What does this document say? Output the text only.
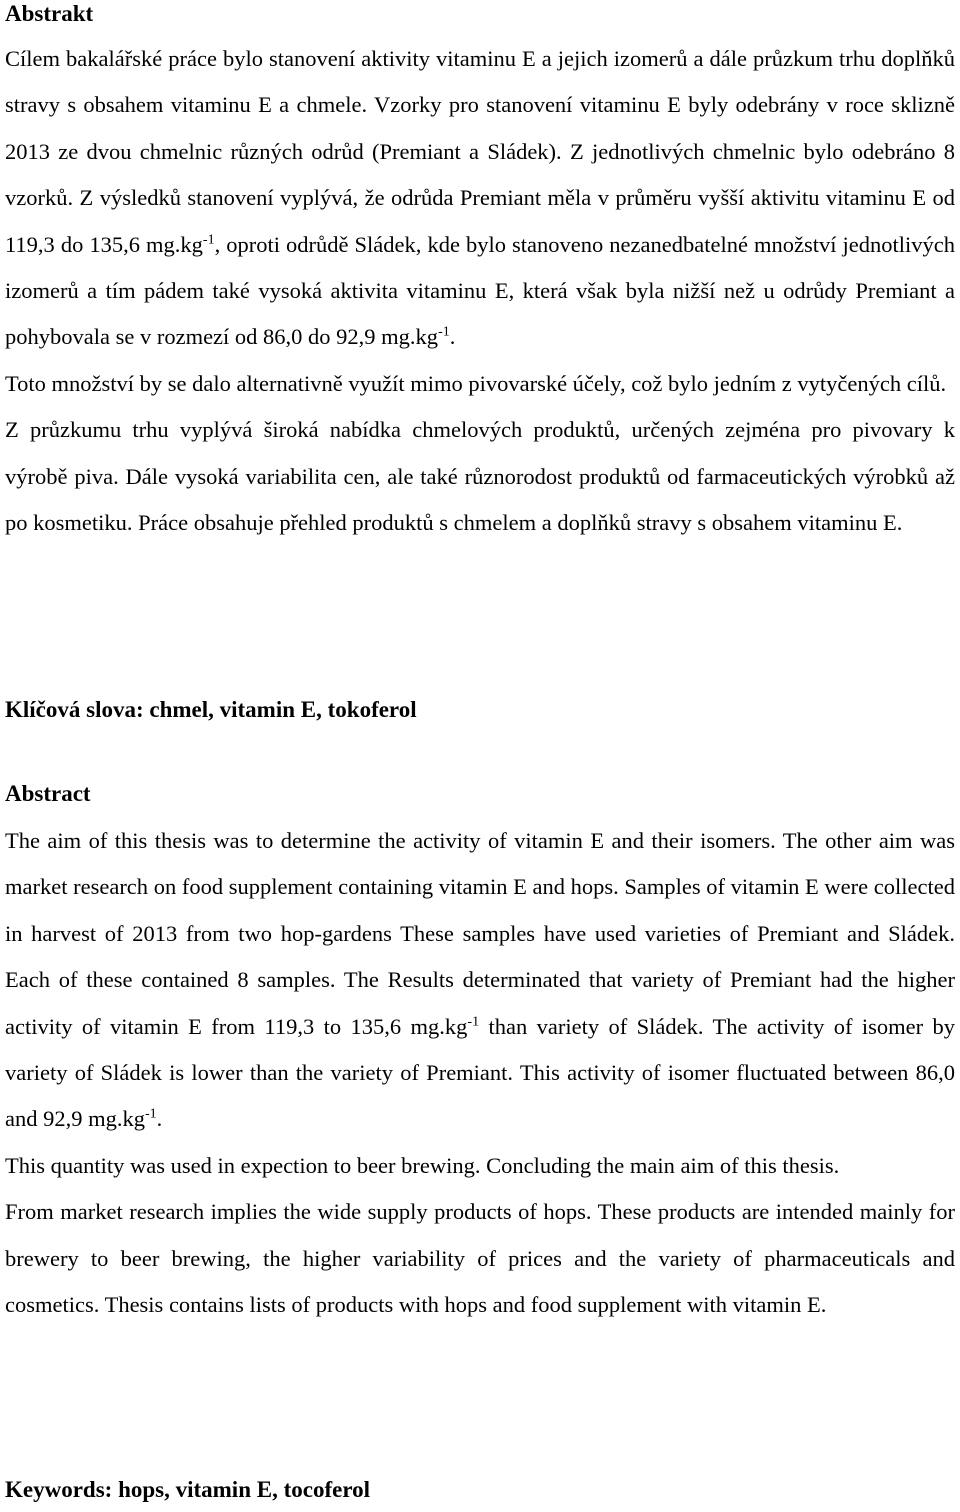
Abstrakt

Cílem bakalářské práce bylo stanovení aktivity vitaminu E a jejich izomerů a dále průzkum trhu doplňků stravy s obsahem vitaminu E a chmele. Vzorky pro stanovení vitaminu E byly odebrány v roce sklizně 2013 ze dvou chmelnic různých odrůd (Premiant a Sládek). Z jednotlivých chmelnic bylo odebráno 8 vzorků. Z výsledků stanovení vyplývá, že odrůda Premiant měla v průměru vyšší aktivitu vitaminu E od 119,3 do 135,6 $mg.kg^{-1}$, oproti odrůdě Sládek, kde bylo stanoveno nezanedbatelné množství jednotlivých izomerů a tím pádem také vysoká aktivita vitaminu E, která však byla nižší než u odrůdy Premiant a pohybovala se v rozmezí od 86,0 do 92,9 $mg.kg^{-1}$.

Toto množství by se dalo alternativně využít mimo pivovarské účely, což bylo jedním z vytyčených cílů.

Z průzkumu trhu vyplývá široká nabídka chmelových produktů, určených zejména pro pivovary k výrobě piva. Dále vysoká variabilita cen, ale také různorodost produktů od farmaceutických výrobků až po kosmetiku. Práce obsahuje přehled produktů s chmelem a doplňků stravy s obsahem vitaminu E.

Klíčová slova: chmel, vitamin E, tokoferol

Abstract

The aim of this thesis was to determine the activity of vitamin E and their isomers. The other aim was market research on food supplement containing vitamin E and hops. Samples of vitamin E were collected in harvest of 2013 from two hop-gardens These samples have used varieties of Premiant and Sládek. Each of these contained 8 samples. The Results determinated that variety of Premiant had the higher activity of vitamin E from 119,3 to 135,6 $mg.kg^{-1}$ than variety of Sládek. The activity of isomer by variety of Sládek is lower than the variety of Premiant. This activity of isomer fluctuated between 86,0 and 92,9 $mg.kg^{-1}$.

This quantity was used in expection to beer brewing. Concluding the main aim of this thesis.

From market research implies the wide supply products of hops. These products are intended mainly for brewery to beer brewing, the higher variability of prices and the variety of pharmaceuticals and cosmetics. Thesis contains lists of products with hops and food supplement with vitamin E.

Keywords: hops, vitamin E, tocoferol
